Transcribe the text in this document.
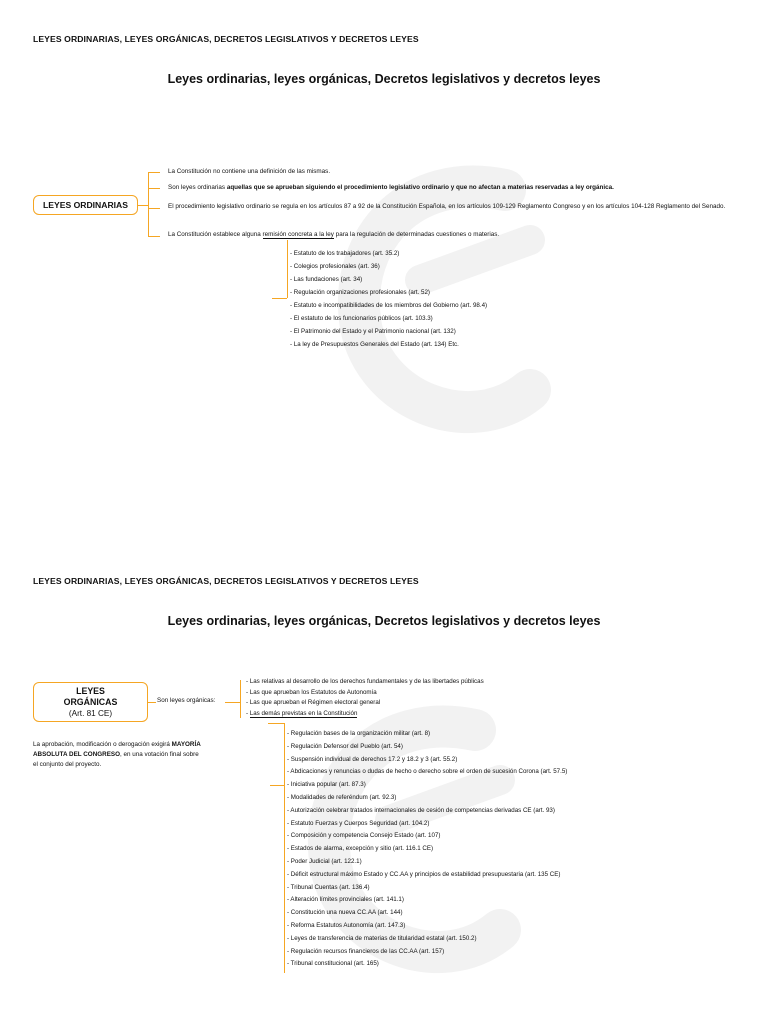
LEYES ORDINARIAS, LEYES ORGÁNICAS, DECRETOS LEGISLATIVOS Y DECRETOS LEYES
Leyes ordinarias, leyes orgánicas, Decretos legislativos y decretos leyes
LEYES ORDINARIAS
La Constitución no contiene una definición de las mismas.
Son leyes ordinarias aquellas que se aprueban siguiendo el procedimiento legislativo ordinario y que no afectan a materias reservadas a ley orgánica.
El procedimiento legislativo ordinario se regula en los artículos 87 a 92 de la Constitución Española, en los artículos 109-129 Reglamento Congreso y en los artículos 104-128 Reglamento del Senado.
La Constitución establece alguna remisión concreta a la ley para la regulación de determinadas cuestiones o materias.
- Estatuto de los trabajadores (art. 35.2)
- Colegios profesionales (art. 36)
- Las fundaciones (art. 34)
- Regulación organizaciones profesionales (art. 52)
- Estatuto e incompatibilidades de los miembros del Gobierno (art. 98.4)
- El estatuto de los funcionarios públicos (art. 103.3)
- El Patrimonio del Estado y el Patrimonio nacional (art. 132)
- La ley de Presupuestos Generales del Estado (art. 134) Etc.
LEYES ORDINARIAS, LEYES ORGÁNICAS, DECRETOS LEGISLATIVOS Y DECRETOS LEYES
Leyes ordinarias, leyes orgánicas, Decretos legislativos y decretos leyes
LEYES
ORGÁNICAS
(Art. 81 CE)
Son leyes orgánicas:
- Las relativas al desarrollo de los derechos fundamentales y de las libertades públicas
- Las que aprueban los Estatutos de Autonomía
- Las que aprueban el Régimen electoral general
- Las demás previstas en la Constitución
La aprobación, modificación o derogación exigirá MAYORÍA ABSOLUTA DEL CONGRESO, en una votación final sobre el conjunto del proyecto.
- Regulación bases de la organización militar (art. 8)
- Regulación Defensor del Pueblo (art. 54)
- Suspensión individual de derechos 17.2 y 18.2 y 3 (art. 55.2)
- Abdicaciones y renuncias o dudas de hecho o derecho sobre el orden de sucesión Corona (art. 57.5)
- Iniciativa popular (art. 87.3)
- Modalidades de referéndum (art. 92.3)
- Autorización celebrar tratados internacionales de cesión de competencias derivadas CE (art. 93)
- Estatuto Fuerzas y Cuerpos Seguridad (art. 104.2)
- Composición y competencia Consejo Estado (art. 107)
- Estados de alarma, excepción y sitio (art. 116.1 CE)
- Poder Judicial (art. 122.1)
- Déficit estructural máximo Estado y CC.AA y principios de estabilidad presupuestaria (art. 135 CE)
- Tribunal Cuentas (art. 136.4)
- Alteración límites provinciales (art. 141.1)
- Constitución una nueva CC.AA (art. 144)
- Reforma Estatutos Autonomía (art. 147.3)
- Leyes de transferencia de materias de titularidad estatal (art. 150.2)
- Regulación recursos financieros de las CC.AA (art. 157)
- Tribunal constitucional (art. 165)
